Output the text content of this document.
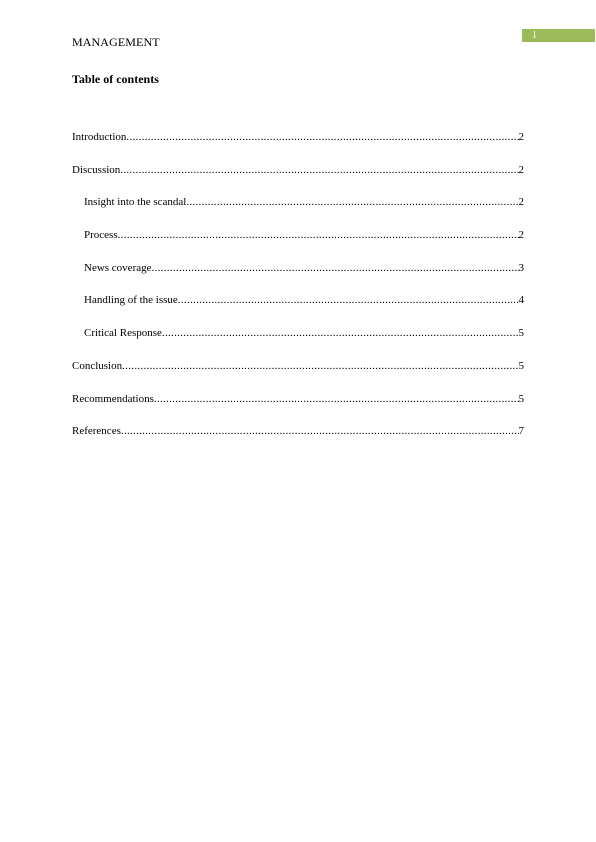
MANAGEMENT	1
Table of contents
Introduction .....	2
Discussion .....	2
Insight into the scandal .....	2
Process .....	2
News coverage .....	3
Handling of the issue .....	4
Critical Response .....	5
Conclusion .....	5
Recommendations .....	5
References .....	7
